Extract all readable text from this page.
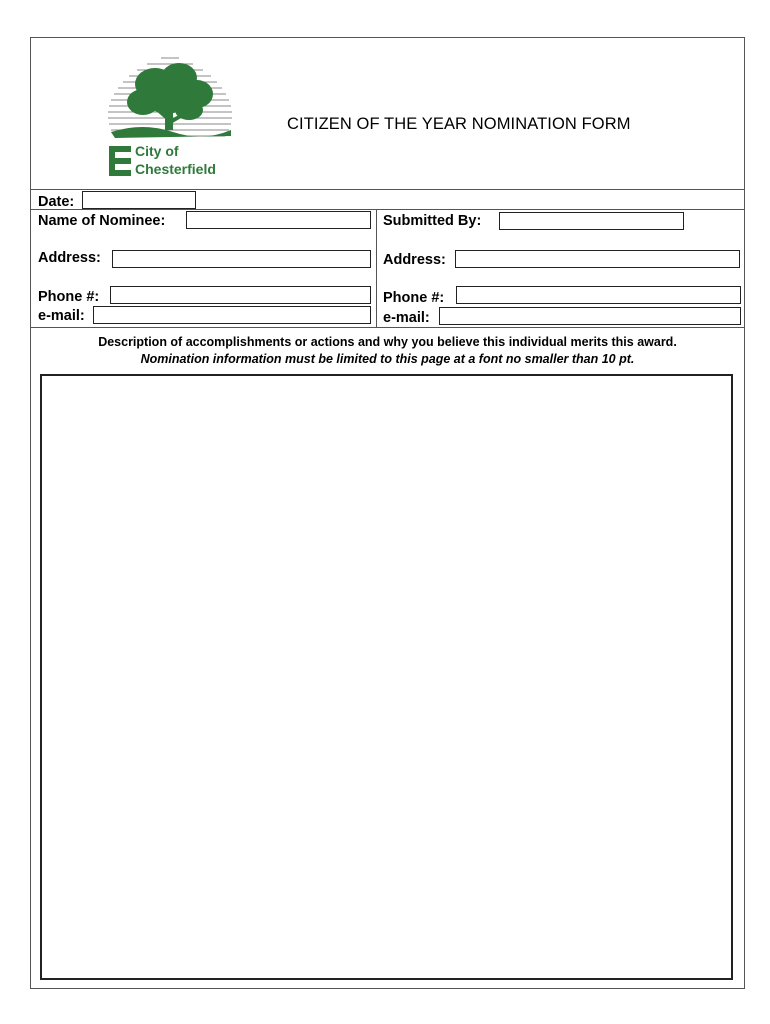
City of
Chesterfield
CITIZEN OF THE YEAR NOMINATION FORM
Date:
Name of Nominee:
Address:
Phone #:
e-mail:
Submitted By:
Address:
Phone #:
e-mail:
Description of accomplishments or actions and why you believe this individual merits this award.
Nomination information must be limited to this page at a font no smaller than 10 pt.
